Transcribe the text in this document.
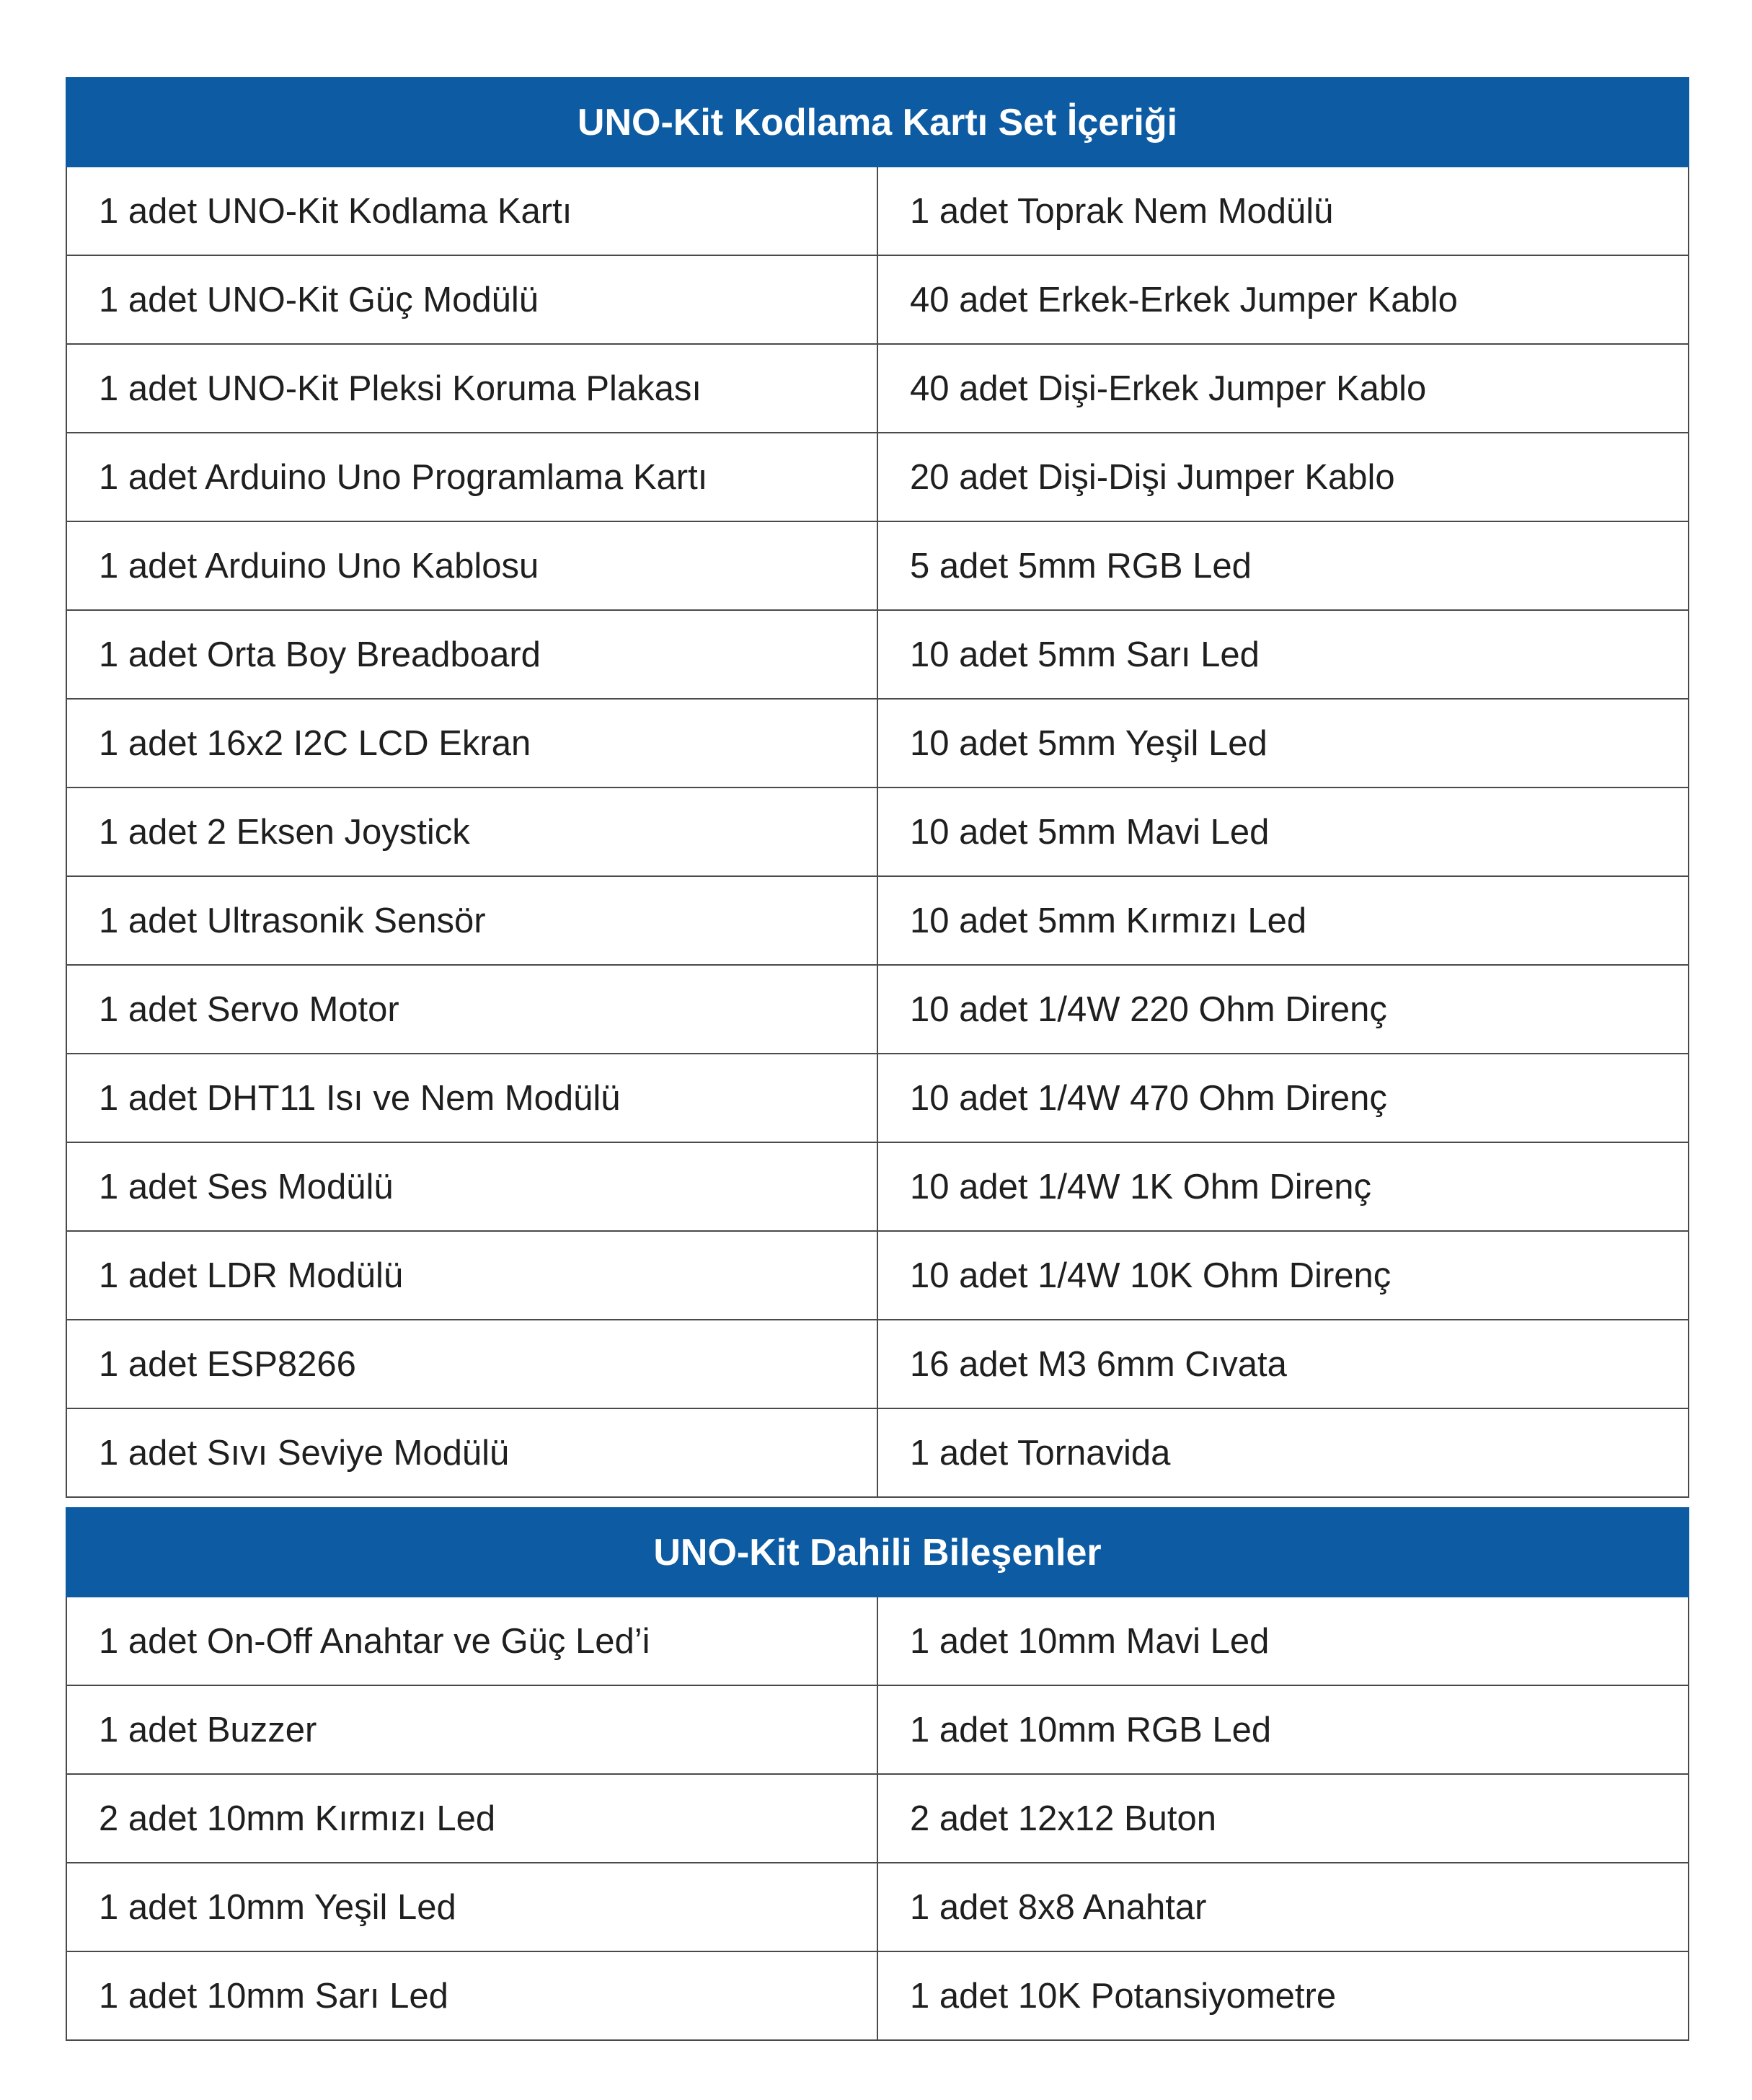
UNO-Kit Kodlama Kartı Set İçeriği	
1 adet UNO-Kit Kodlama Kartı	1 adet Toprak Nem Modülü
1 adet UNO-Kit Güç Modülü	40 adet Erkek-Erkek Jumper Kablo
1 adet UNO-Kit Pleksi Koruma Plakası	40 adet Dişi-Erkek Jumper Kablo
1 adet Arduino Uno Programlama Kartı	20 adet Dişi-Dişi Jumper Kablo
1 adet Arduino Uno Kablosu	5 adet 5mm RGB Led
1 adet Orta Boy Breadboard	10 adet 5mm Sarı Led
1 adet 16x2 I2C LCD Ekran	10 adet 5mm Yeşil Led
1 adet 2 Eksen Joystick	10 adet 5mm Mavi Led
1 adet Ultrasonik Sensör	10 adet 5mm Kırmızı Led
1 adet Servo Motor	10 adet 1/4W 220 Ohm Direnç
1 adet DHT11 Isı ve Nem Modülü	10 adet 1/4W 470 Ohm Direnç
1 adet Ses Modülü	10 adet 1/4W 1K Ohm Direnç
1 adet LDR Modülü	10 adet 1/4W 10K Ohm Direnç
1 adet ESP8266	16 adet M3 6mm Cıvata
1 adet Sıvı Seviye Modülü	1 adet Tornavida
UNO-Kit Dahili Bileşenler	
1 adet On-Off Anahtar ve Güç Led’i	1 adet 10mm Mavi Led
1 adet Buzzer	1 adet 10mm RGB Led
2 adet 10mm Kırmızı Led	2 adet 12x12 Buton
1 adet 10mm Yeşil Led	1 adet 8x8 Anahtar
1 adet 10mm Sarı Led	1 adet 10K Potansiyometre
